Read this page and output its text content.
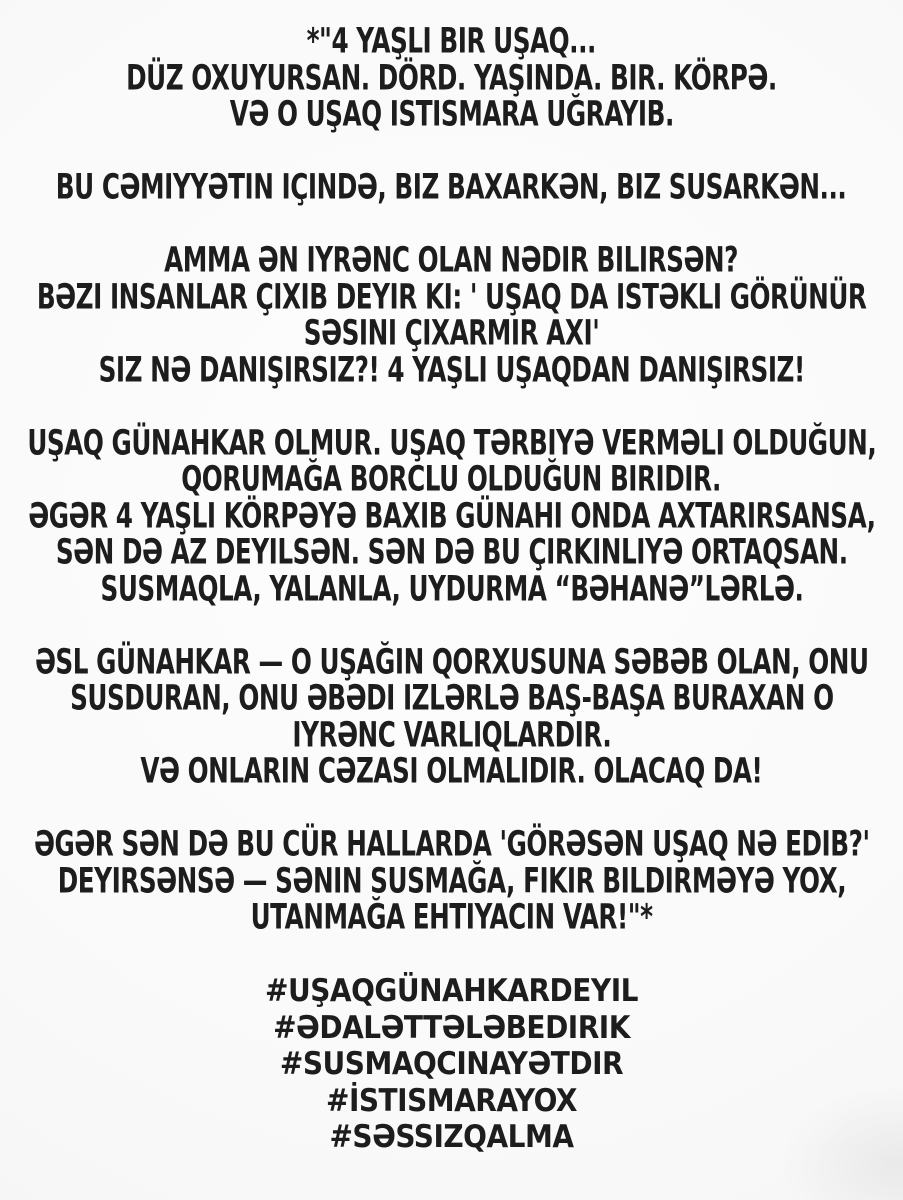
*"4 YAŞLI BIR UŞAQ...
DÜZ OXUYURSAN. DÖRD. YAŞINDA. BIR. KÖRPƏ.
VƏ O UŞAQ ISTISMARA UĞRAYIB.
BU CƏMIYYƏTIN IÇINDƏ, BIZ BAXARKƏN, BIZ SUSARKƏN...
AMMA ƏN IYRƏNC OLAN NƏDIR BILIRSƏN?
BƏZI INSANLAR ÇIXIB DEYIR KI: ' UŞAQ DA ISTƏKLI GÖRÜNÜR
SƏSINI ÇIXARMIR AXI'
SIZ NƏ DANIŞIRSIZ?! 4 YAŞLI UŞAQDAN DANIŞIRSIZ!
UŞAQ GÜNAHKAR OLMUR. UŞAQ TƏRBIYƏ VERMƏLI OLDUĞUN,
QORUMAĞA BORCLU OLDUĞUN BIRIDIR.
ƏGƏR 4 YAŞLI KÖRPƏYƏ BAXIB GÜNAHI ONDA AXTARIRSANSA,
SƏN DƏ AZ DEYILSƏN. SƏN DƏ BU ÇIRKINLIYƏ ORTAQSAN.
SUSMAQLA, YALANLA, UYDURMA “BƏHANƏ”LƏRLƏ.
ƏSL GÜNAHKAR — O UŞAĞIN QORXUSUNA SƏBƏB OLAN, ONU
SUSDURAN, ONU ƏBƏDI IZLƏRLƏ BAŞ-BAŞA BURAXAN O
IYRƏNC VARLIQLARDIR.
VƏ ONLARIN CƏZASI OLMALIDIR. OLACAQ DA!
ƏGƏR SƏN DƏ BU CÜR HALLARDA 'GÖRƏSƏN UŞAQ NƏ EDIB?'
DEYIRSƏNSƏ — SƏNIN SUSMAĞA, FIKIR BILDIRMƏYƏ YOX,
UTANMAĞA EHTIYACIN VAR!"*
#UŞAQGÜNAHKARDEYIL
#ƏDALƏTTƏLƏBEDIRIK
#SUSMAQCINAYƏTDIR
#İSTISMARAYOX
#SƏSSIZQALMA
